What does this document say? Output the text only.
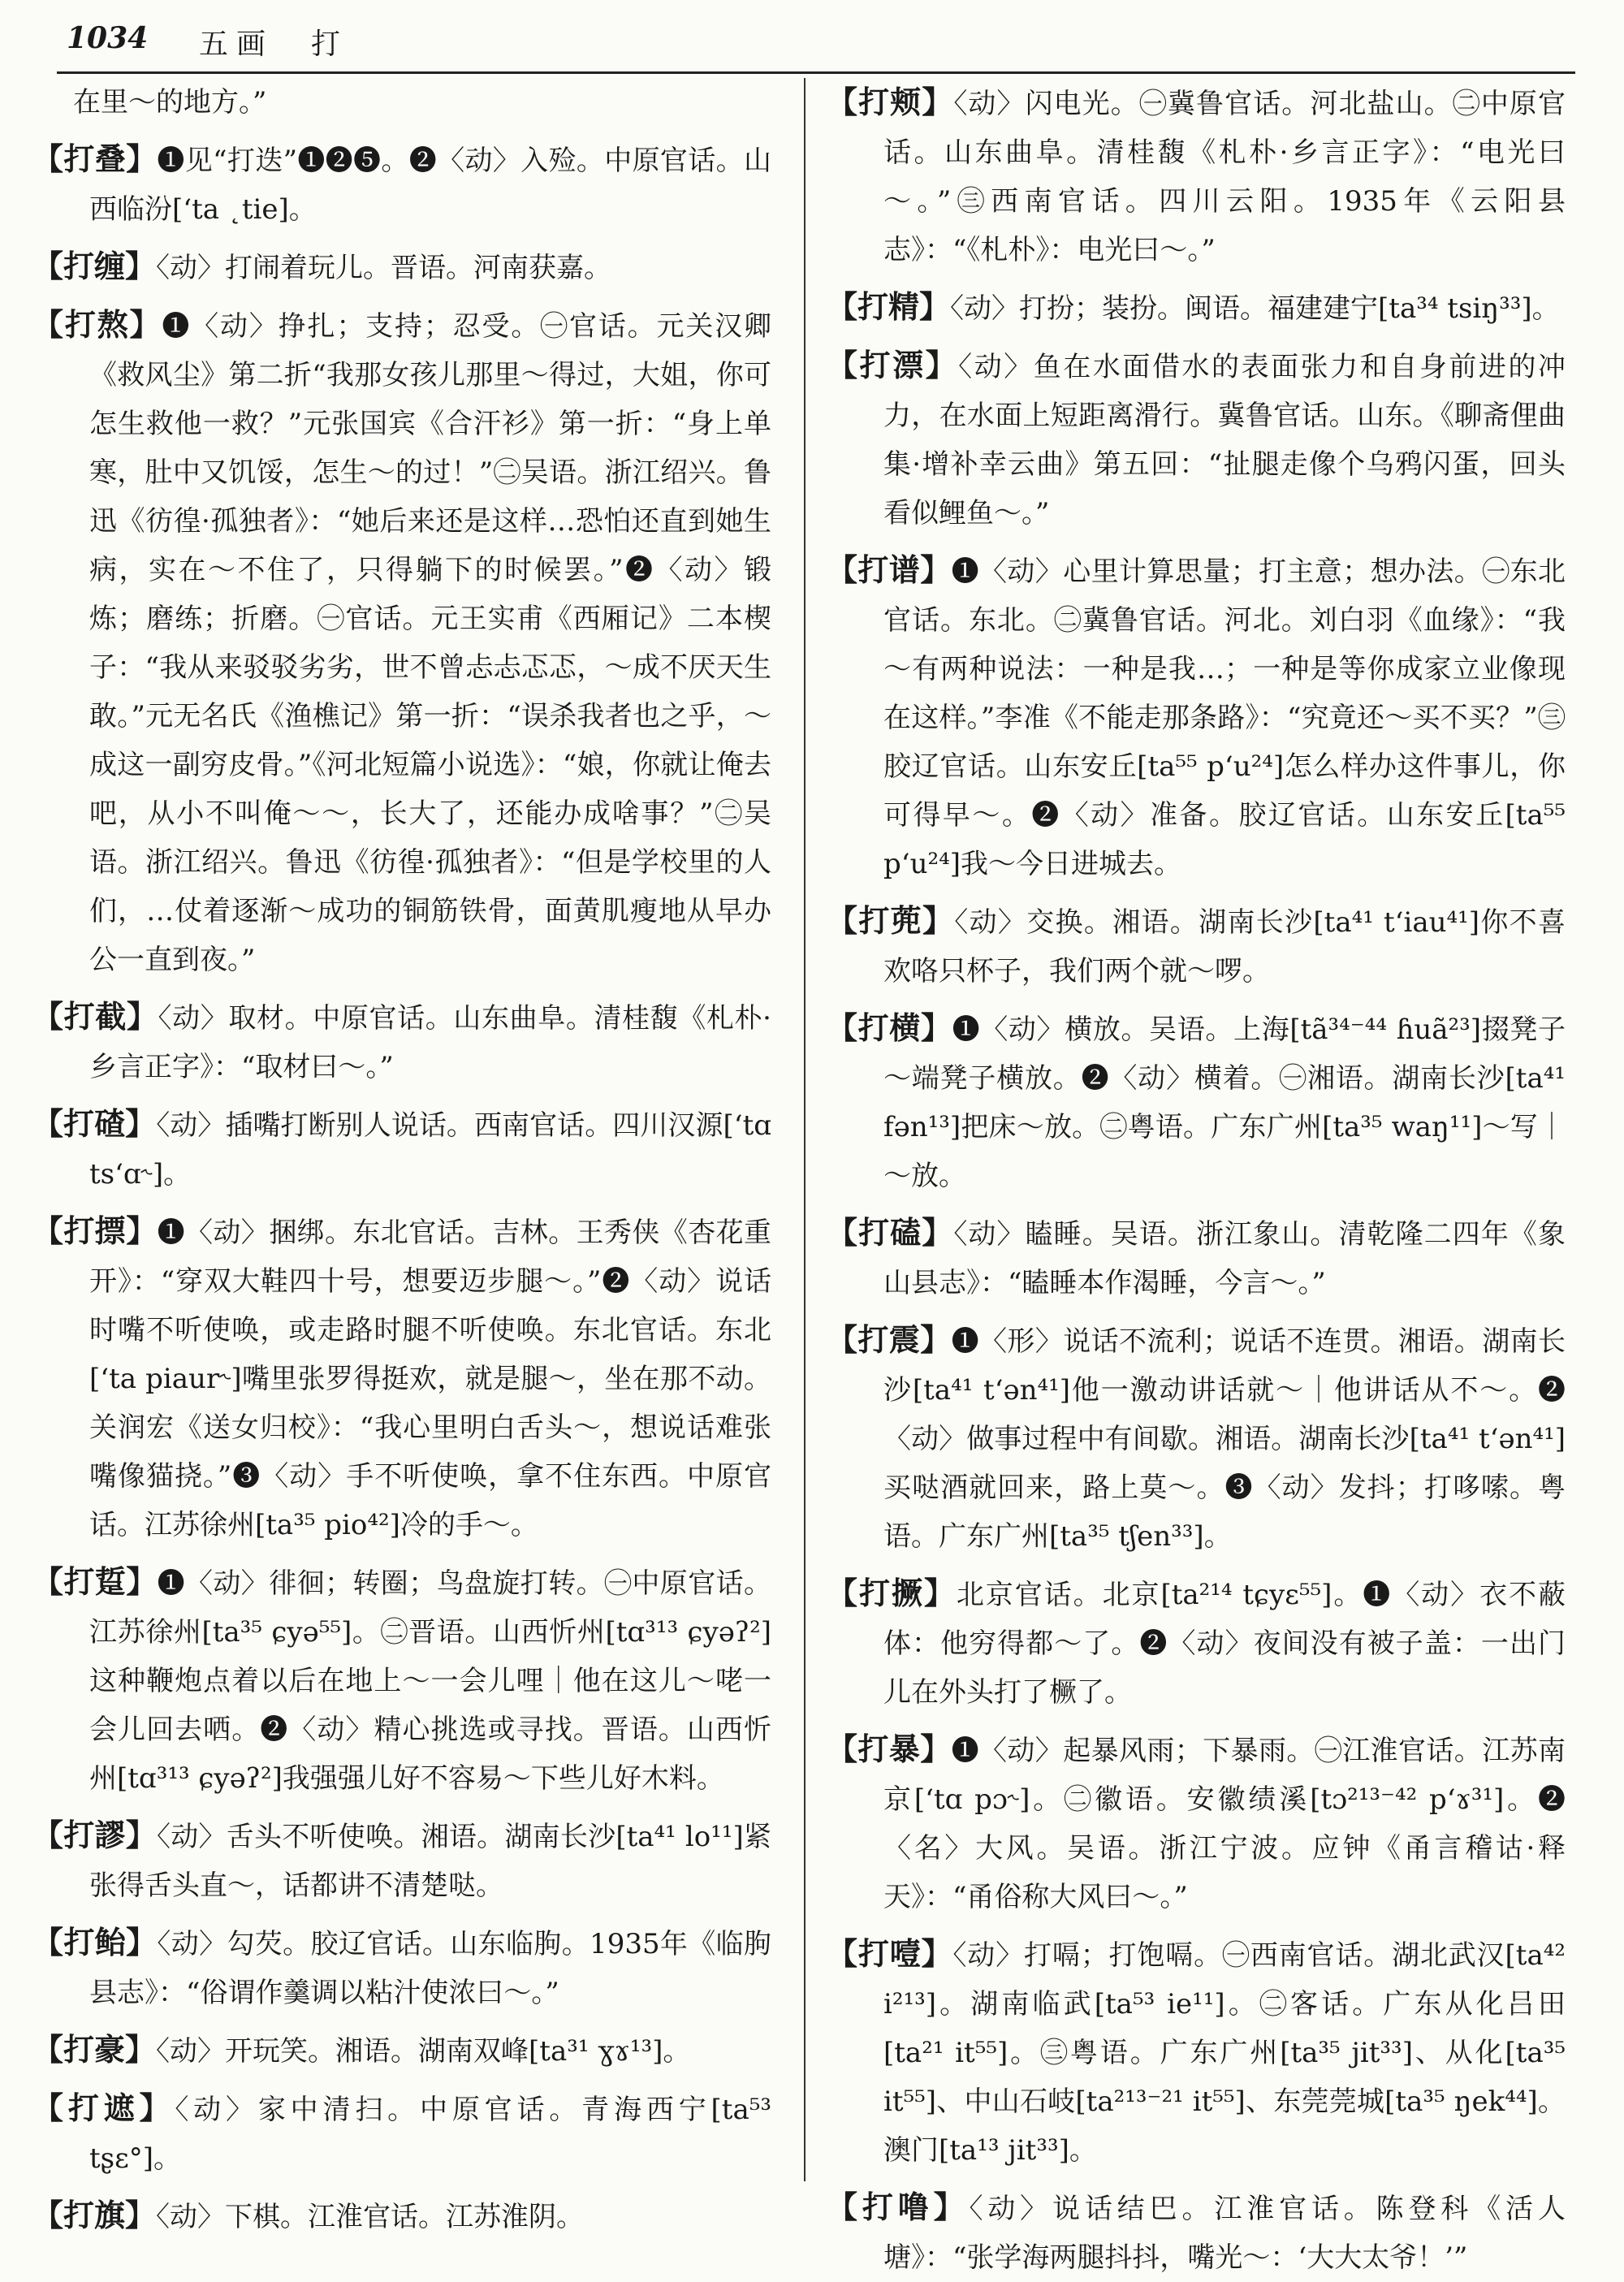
1034 五画　打

在里～的地方。”

【打叠】❶见“打迭”❶❷❺。❷〈动〉入殓。中原官话。山西临汾[ʻta ˛tie]。

【打缠】〈动〉打闹着玩儿。晋语。河南获嘉。

【打熬】❶〈动〉挣扎；支持；忍受。㊀官话。元关汉卿《救风尘》第二折“我那女孩儿那里～得过，大姐，你可怎生救他一救？”元张国宾《合汗衫》第一折：“身上单寒，肚中又饥馁，怎生～的过！”㊁吴语。浙江绍兴。鲁迅《彷徨·孤独者》：“她后来还是这样…恐怕还直到她生病，实在～不住了，只得躺下的时候罢。”❷〈动〉锻炼；磨练；折磨。㊀官话。元王实甫《西厢记》二本楔子：“我从来驳驳劣劣，世不曾忐忐忑忑，～成不厌天生敢。”元无名氏《渔樵记》第一折：“误杀我者也之乎，～成这一副穷皮骨。”《河北短篇小说选》：“娘，你就让俺去吧，从小不叫俺～～，长大了，还能办成啥事？”㊁吴语。浙江绍兴。鲁迅《彷徨·孤独者》：“但是学校里的人们，…仗着逐渐～成功的铜筋铁骨，面黄肌瘦地从早办公一直到夜。”

【打截】〈动〉取材。中原官话。山东曲阜。清桂馥《札朴·乡言正字》：“取材曰～。”

【打碴】〈动〉插嘴打断别人说话。西南官话。四川汉源[ʻtɑ tsʻɑ˞]。

【打摽】❶〈动〉捆绑。东北官话。吉林。王秀侠《杏花重开》：“穿双大鞋四十号，想要迈步腿～。”❷〈动〉说话时嘴不听使唤，或走路时腿不听使唤。东北官话。东北[ʻta piaur˞]嘴里张罗得挺欢，就是腿～，坐在那不动。关润宏《送女归校》：“我心里明白舌头～，想说话难张嘴像猫挠。”❸〈动〉手不听使唤，拿不住东西。中原官话。江苏徐州[ta³⁵ pio⁴²]冷的手～。

【打踅】❶〈动〉徘徊；转圈；鸟盘旋打转。㊀中原官话。江苏徐州[ta³⁵ ɕyə⁵⁵]。㊁晋语。山西忻州[tɑ³¹³ ɕyəʔ²]这种鞭炮点着以后在地上～一会儿哩｜他在这儿～咾一会儿回去哂。❷〈动〉精心挑选或寻找。晋语。山西忻州[tɑ³¹³ ɕyəʔ²]我强强儿好不容易～下些儿好木料。

【打謬】〈动〉舌头不听使唤。湘语。湖南长沙[ta⁴¹ lo¹¹]紧张得舌头直～，话都讲不清楚哒。

【打鲐】〈动〉勾芡。胶辽官话。山东临朐。1935年《临朐县志》：“俗谓作羹调以粘汁使浓曰～。”

【打豪】〈动〉开玩笑。湘语。湖南双峰[ta³¹ ɣɤ¹³]。

【打遮】〈动〉家中清扫。中原官话。青海西宁[ta⁵³ tʂɛ°]。

【打旗】〈动〉下棋。江淮官话。江苏淮阴。

【打颊】〈动〉闪电光。㊀冀鲁官话。河北盐山。㊁中原官话。山东曲阜。清桂馥《札朴·乡言正字》：“电光曰～。”㊂西南官话。四川云阳。1935年《云阳县志》：“《札朴》：电光曰～。”

【打精】〈动〉打扮；装扮。闽语。福建建宁[ta³⁴ tsiŋ³³]。

【打漂】〈动〉鱼在水面借水的表面张力和自身前进的冲力，在水面上短距离滑行。冀鲁官话。山东。《聊斋俚曲集·增补幸云曲》第五回：“扯腿走像个乌鸦闪蛋，回头看似鲤鱼～。”

【打谱】❶〈动〉心里计算思量；打主意；想办法。㊀东北官话。东北。㊁冀鲁官话。河北。刘白羽《血缘》：“我～有两种说法：一种是我…；一种是等你成家立业像现在这样。”李准《不能走那条路》：“究竟还～买不买？”㊂胶辽官话。山东安丘[ta⁵⁵ pʻu²⁴]怎么样办这件事儿，你可得早～。❷〈动〉准备。胶辽官话。山东安丘[ta⁵⁵ pʻu²⁴]我～今日进城去。

【打蔸】〈动〉交换。湘语。湖南长沙[ta⁴¹ tʻiau⁴¹]你不喜欢咯只杯子，我们两个就～啰。

【打横】❶〈动〉横放。吴语。上海[tã³⁴⁻⁴⁴ ɦuã²³]掇凳子～端凳子横放。❷〈动〉横着。㊀湘语。湖南长沙[ta⁴¹ fən¹³]把床～放。㊁粤语。广东广州[ta³⁵ waŋ¹¹]～写｜～放。

【打磕】〈动〉瞌睡。吴语。浙江象山。清乾隆二四年《象山县志》：“瞌睡本作渴睡，今言～。”

【打震】❶〈形〉说话不流利；说话不连贯。湘语。湖南长沙[ta⁴¹ tʻən⁴¹]他一激动讲话就～｜他讲话从不～。❷〈动〉做事过程中有间歇。湘语。湖南长沙[ta⁴¹ tʻən⁴¹]买哒酒就回来，路上莫～。❸〈动〉发抖；打哆嗦。粤语。广东广州[ta³⁵ tʃen³³]。

【打撅】北京官话。北京[ta²¹⁴ tɕyɛ⁵⁵]。❶〈动〉衣不蔽体：他穷得都～了。❷〈动〉夜间没有被子盖：一出门儿在外头打了橛了。

【打暴】❶〈动〉起暴风雨；下暴雨。㊀江淮官话。江苏南京[ʻtɑ pɔ˞]。㊁徽语。安徽绩溪[tɔ²¹³⁻⁴² pʻɤ³¹]。❷〈名〉大风。吴语。浙江宁波。应钟《甬言稽诂·释天》：“甬俗称大风曰～。”

【打噎】〈动〉打嗝；打饱嗝。㊀西南官话。湖北武汉[ta⁴² i²¹³]。湖南临武[ta⁵³ ie¹¹]。㊁客话。广东从化吕田[ta²¹ it⁵⁵]。㊂粤语。广东广州[ta³⁵ jit³³]、从化[ta³⁵ it⁵⁵]、中山石岐[ta²¹³⁻²¹ it⁵⁵]、东莞莞城[ta³⁵ ŋek⁴⁴]。澳门[ta¹³ jit³³]。

【打噜】〈动〉说话结巴。江淮官话。陈登科《活人塘》：“张学海两腿抖抖，嘴光～：‘大大太爷！’”
